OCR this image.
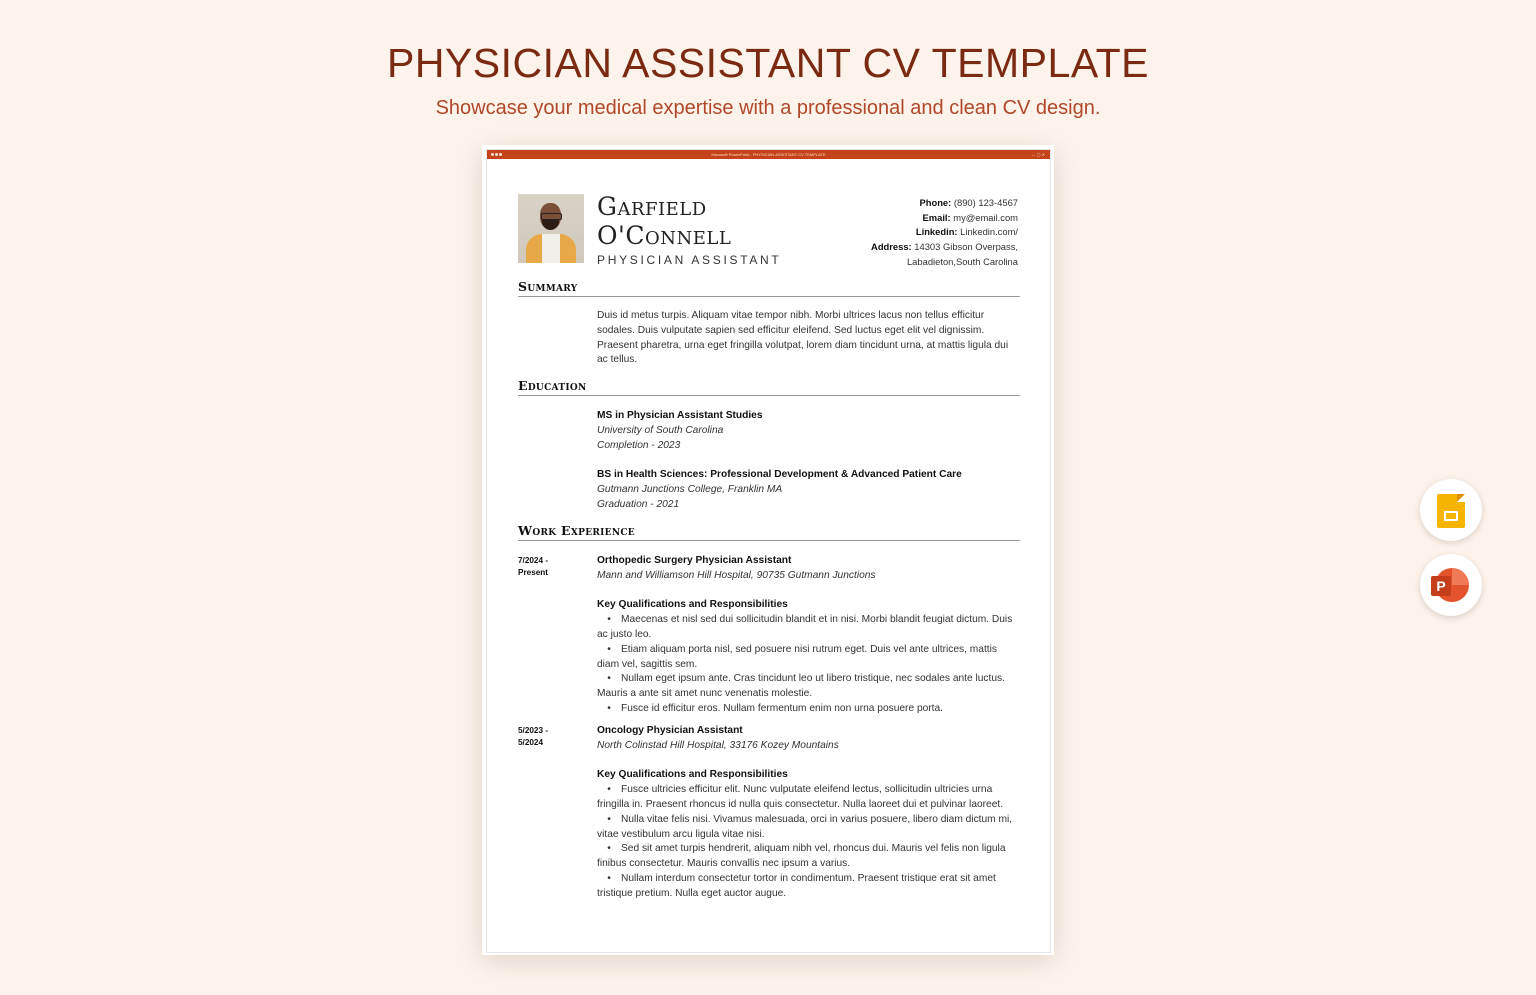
PHYSICIAN ASSISTANT CV TEMPLATE

Showcase your medical expertise with a professional and clean CV design.

Microsoft PowerPoint - PHYSICIAN ASSISTANT CV TEMPLATE	— ▢ ✕
Garfield
O'Connell
PHYSICIAN ASSISTANT
Phone: (890) 123-4567
Email: my@email.com
Linkedin: Linkedin.com/
Address: 14303 Gibson Overpass,
Labadieton,South Carolina
Summary
Duis id metus turpis. Aliquam vitae tempor nibh. Morbi ultrices lacus non tellus efficitur sodales. Duis vulputate sapien sed efficitur eleifend. Sed luctus eget elit vel dignissim. Praesent pharetra, urna eget fringilla volutpat, lorem diam tincidunt urna, at mattis ligula dui ac tellus.
Education
MS in Physician Assistant Studies
University of South Carolina
Completion - 2023
BS in Health Sciences: Professional Development & Advanced Patient Care
Gutmann Junctions College, Franklin MA
Graduation - 2021
Work Experience
7/2024 -
Present
Orthopedic Surgery Physician Assistant
Mann and Williamson Hill Hospital, 90735 Gutmann Junctions
Key Qualifications and Responsibilities
• Maecenas et nisl sed dui sollicitudin blandit et in nisi. Morbi blandit feugiat dictum. Duis ac justo leo.
• Etiam aliquam porta nisl, sed posuere nisi rutrum eget. Duis vel ante ultrices, mattis diam vel, sagittis sem.
• Nullam eget ipsum ante. Cras tincidunt leo ut libero tristique, nec sodales ante luctus. Mauris a ante sit amet nunc venenatis molestie.
• Fusce id efficitur eros. Nullam fermentum enim non urna posuere porta.
5/2023 -
5/2024
Oncology Physician Assistant
North Colinstad Hill Hospital, 33176 Kozey Mountains
Key Qualifications and Responsibilities
• Fusce ultricies efficitur elit. Nunc vulputate eleifend lectus, sollicitudin ultricies urna fringilla in. Praesent rhoncus id nulla quis consectetur. Nulla laoreet dui et pulvinar laoreet.
• Nulla vitae felis nisi. Vivamus malesuada, orci in varius posuere, libero diam dictum mi, vitae vestibulum arcu ligula vitae nisi.
• Sed sit amet turpis hendrerit, aliquam nibh vel, rhoncus dui. Mauris vel felis non ligula finibus consectetur. Mauris convallis nec ipsum a varius.
• Nullam interdum consectetur tortor in condimentum. Praesent tristique erat sit amet tristique pretium. Nulla eget auctor augue.
P
